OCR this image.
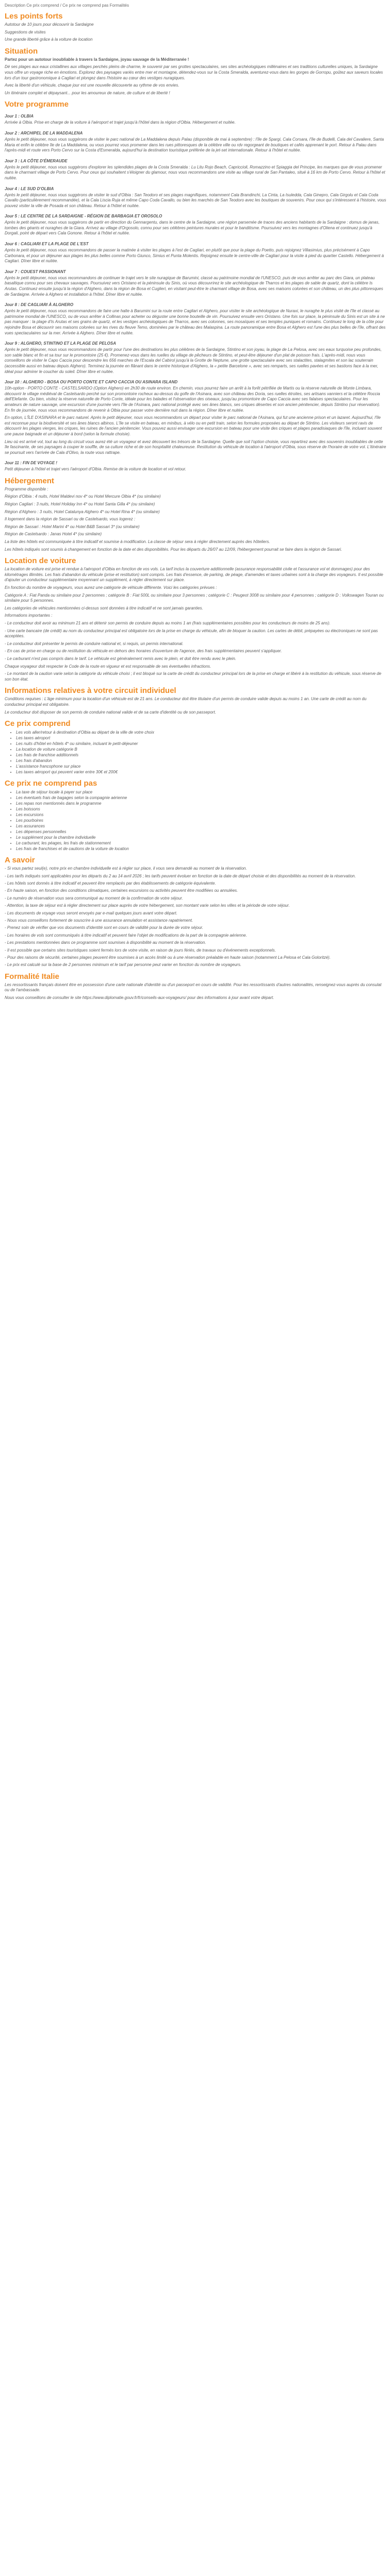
Description Ce prix comprend / Ce prix ne comprend pas Formalités
Les points forts

Autotour de 10 jours pour découvrir la Sardaigne

Suggestions de visites

Une grande liberté grâce à la voiture de location

Situation

Partez pour un autotour inoubliable à travers la Sardaigne, joyau sauvage de la Méditerranée !

Dé ses plages aux eaux cristallines aux villages perchés pleins de charme, le souvenir par ses grottes spectaculaires, ses sites archéologiques millénaires et ses traditions culturelles uniques, la Sardaigne vous offre un voyage riche en émotions. Explorez des paysages variés entre mer et montagne, détendez-vous sur la Costa Smeralda, aventurez-vous dans les gorges de Gorropu, goûtez aux saveurs locales lors d'un tour gastronomique à Cagliari et plongez dans l'histoire au cœur des vestiges nuragiques.

Avec la liberté d'un véhicule, chaque jour est une nouvelle découverte au rythme de vos envies.

Un itinéraire complet et dépaysant... pour les amoureux de nature, de culture et de liberté !

Votre programme
Jour 1 : OLBIA

Arrivée à Olbia. Prise en charge de la voiture à l'aéroport et trajet jusqu'à l'hôtel dans la région d'Olbia. Hébergement et nuitée.

Jour 2 : ARCHIPEL DE LA MADDALENA

Après le petit déjeuner, nous vous suggérons de visiter le parc national de La Maddalena depuis Palau (disponible de mai à septembre) : l'île de Spargi, Cala Corsara, l'île de Budelli, Cala del Cavaliere, Santa Maria et enfin le célèbre île de La Maddalena, ou vous pourrez vous promener dans les rues pittoresques de la célèbre ville ou rdv regorgeant de boutiques et cafés apprenant le port. Retour à Palau dans l'après-midi et route vers Porto Cervo sur la Costa d'Esmeralda, aujourd'hui la destination touristique préférée de la jet-set internationale. Retour à l'hôtel et nuitée.

Jour 3 : LA CÔTE D'ÉMERAUDE

Après le petit déjeuner, nous vous suggérons d'explorer les splendides plages de la Costa Smeralda : Lu Litu Rojo Beach, Capriccioli, Romazzino et Spiaggia del Principe, les marques que de vous promener dans le charmant village de Porto Cervo. Pour ceux qui souhaitent s'éloigner du glamour, nous vous recommandons une visite au village rural de San Pantaleo, situé à 16 km de Porto Cervo. Retour à l'hôtel et nuitée.

Jour 4 : LE SUD D'OLBIA

Après le petit déjeuner, nous vous suggérons de visiter le sud d'Olbia : San Teodoro et ses plages magnifiques, notamment Cala Brandinchi, La Cinta, La Isuledda, Cala Ginepro, Cala Girgolu et Cala Coda Cavallo (particulièrement recommandée), et la Cala Liscia Ruja et même Capo Coda Cavallo, ou bien les marchés de San Teodoro avec les boutiques de souvenirs. Pour ceux qui s'intéressent à l'histoire, vous pouvez visiter la ville de Posada et son château. Retour à l'hôtel et nuitée.

Jour 5 : LE CENTRE DE LA SARDAIGNE - RÉGION DE BARBAGIA ET OROSOLO

Après le petit déjeuner, nous vous suggérons de partir en direction du Gennargentu, dans le centre de la Sardaigne, une région parsemée de traces des anciens habitants de la Sardaigne : domus de janas, tombes des géants et nuraghes de la Giara. Arrivez au village d'Orgosolo, connu pour ses célèbres peintures murales et pour le banditisme. Poursuivez vers les montagnes d'Oliena et continuez jusqu'à Dorgali, point de départ vers Cala Gonone. Retour à l'hôtel et nuitée.

Jour 6 : CAGLIARI ET LA PLAGE DE L'EST

Après le petit déjeuner, nous vous recommandons de passer la matinée à visiter les plages à l'est de Cagliari, en plutôt que pour la plage du Poetto, puis rejoignez Villasimius, plus précisément à Capo Carbonara, et pour un déjeuner aux plages les plus belles comme Porto Giunco, Simius et Punta Molentis. Rejoignez ensuite le centre-ville de Cagliari pour la visite à pied du quartier Castello. Hébergement à Cagliari. Dîner libre et nuitée.

Jour 7 : COUEST PASSIONANT

Après le petit déjeuner, nous vous recommandons de continuer le trajet vers le site nuragique de Barumini, classé au patrimoine mondial de l'UNESCO, puis de vous arrêter au parc des Giara, un plateau basaltique connu pour ses chevaux sauvages. Poursuivez vers Oristano et la péninsule du Sinis, où vous découvrirez le site archéologique de Tharros et les plages de sable de quartz, dont la célèbre Is Arutas. Continuez ensuite jusqu'à la région d'Alghero, dans la région de Bosa et Cuglieri, en visitant peut-être le charmant village de Bosa, avec ses maisons colorées et son château, un des plus pittoresques de Sardaigne. Arrivée à Alghero et installation à l'hôtel. Dîner libre et nuitée.

Jour 8 : DE CAGLIARI À ALGHERO

Après le petit déjeuner, nous vous recommandons de faire une halte à Barumini sur la route entre Cagliari et Alghero, pour visiter le site archéologique de Nuraxi, le nuraghe le plus visité de l'île et classé au patrimoine mondial de l'UNESCO, ou de vous arrêter à Collinas pour acheter ou déguster une bonne bouteille de vin. Poursuivez ensuite vers Oristano. Une fois sur place, la péninsule du Sinis est un site à ne pas manquer : la plage d'Is Arutas et ses grains de quartz, et les vestiges archéologiques de Tharros, avec ses colonnes, ses mosaïques et ses temples puniques et romains. Continuez le long de la côte pour rejoindre Bosa et découvrir ses maisons colorées sur les rives du fleuve Temo, dominées par le château des Malaspina. La route panoramique entre Bosa et Alghero est l'une des plus belles de l'île, offrant des vues spectaculaires sur la mer. Arrivée à Alghero. Dîner libre et nuitée.

Jour 9 : ALGHERO, STINTINO ET LA PLAGE DE PELOSA

Après le petit déjeuner, nous vous recommandons de partir pour l'une des destinations les plus célèbres de la Sardaigne, Stintino et son joyau, la plage de La Pelosa, avec ses eaux turquoise peu profondes, son sable blanc et fin et sa tour sur le promontoire (25 €). Promenez-vous dans les ruelles du village de pêcheurs de Stintino, et peut-être déjeuner d'un plat de poisson frais. L'après-midi, nous vous conseillons de visiter le Capo Caccia pour descendre les 656 marches de l'Escala del Cabirol jusqu'à la Grotte de Neptune, une grotte spectaculaire avec ses stalactites, stalagmites et son lac souterrain (accessible aussi en bateau depuis Alghero). Terminez la journée en flânant dans le centre historique d'Alghero, la « petite Barcelone », avec ses remparts, ses ruelles pavées et ses bastions face à la mer, idéal pour admirer le coucher du soleil. Dîner libre et nuitée.

Jour 10 : ALGHERO - BOSA OU PORTO CONTE ET CAPO CACCIA OU ASINARA ISLAND

10h-option - PORTO CONTE - CASTELSARDO (Option Alghero) en 2h30 de route environ. En chemin, vous pourrez faire un arrêt à la forêt pétrifiée de Martis ou la réserve naturelle de Monte Limbara, découvrir le village médiéval de Castelsardo perché sur son promontoire rocheux au-dessus du golfe de l'Asinara, avec son château des Doria, ses ruelles étroites, ses artisans vanniers et la célèbre Roccia dell'Elefante. Ou bien, visitez la réserve naturelle de Porto Conte, idéale pour les balades et l'observation des oiseaux, jusqu'au promontoire de Capo Caccia avec ses falaises spectaculaires. Pour les amateurs de nature sauvage, une excursion d'une journée vers l'île de l'Asinara, parc national protégé avec ses ânes blancs, ses criques désertes et son ancien pénitencier, depuis Stintino (sur réservation). En fin de journée, nous vous recommandons de revenir à Olbia pour passer votre dernière nuit dans la région. Dîner libre et nuitée.

En option, L'ÎLE D'ASINARA et le parc naturel. Après le petit déjeuner, nous vous recommandons un départ pour visiter le parc national de l'Asinara, qui fut une ancienne prison et un lazaret. Aujourd'hui, l'île est reconnue pour la biodiversité et ses ânes blancs albinos. L'île se visite en bateau, en minibus, à vélo ou en petit train, selon les formules proposées au départ de Stintino. Les visiteurs seront ravis de découvrir les plages vierges, les criques, les ruines de l'ancien pénitencier. Vous pouvez aussi envisager une excursion en bateau pour une visite des criques et plages paradisiaques de l'île, incluant souvent une pause baignade et un déjeuner à bord (selon la formule choisie).

Lieu où est arrivé vol, tout au long du circuit vous aurez été un voyageur et avez découvert les trésors de la Sardaigne. Quelle que soit l'option choisie, vous repartirez avec des souvenirs inoubliables de cette île fascinante, de ses paysages à couper le souffle, de sa culture riche et de son hospitalité chaleureuse. Restitution du véhicule de location à l'aéroport d'Olbia, sous réserve de l'horaire de votre vol. L'itinéraire se poursuit vers l'arrivée de Cala d'Olivo, la route vous rattrape.

Jour 11 : FIN DE VOYAGE !

Petit déjeuner à l'hôtel et trajet vers l'aéroport d'Olbia. Remise de la voiture de location et vol retour.

Hébergement

Programme disponible :

Région d'Olbia : 4 nuits, Hotel Maldevi nov 4* ou Hotel Mercure Olbia 4* (ou similaire)

Région Cagliari : 3 nuits, Hotel Holiday Inn 4* ou Hotel Santa Gilla 4* (ou similaire)

Région d'Alghero : 3 nuits, Hotel Catalunya Alghero 4* ou Hotel Rina 4* (ou similaire)

Il logement dans la région de Sassari ou de Castelsardo, vous logerez :

Région de Sassari : Hotel Marini 4* ou Hotel B&B Sassari 3* (ou similaire)

Région de Castelsardo : Janas Hotel 4* (ou similaire)

La liste des hôtels est communiquée à titre indicatif et soumise à modification. La classe de séjour sera à régler directement auprès des hôteliers.

Les hôtels indiqués sont soumis à changement en fonction de la date et des disponibilités. Pour les départs du 26/07 au 12/09, l'hébergement pourrait se faire dans la région de Sassari.

Location de voiture

La location de voiture est prise et rendue à l'aéroport d'Olbia en fonction de vos vols. La tarif inclus la couverture additionnelle (assurance responsabilité civile et l'assurance vol et dommages) pour des kilométrages illimités. Les frais d'abandon du véhicule (prise et restitution) sont compris. Les frais d'essence, de parking, de péage, d'amendes et taxes urbaines sont à la charge des voyageurs. Il est possible d'ajouter un conducteur supplémentaire moyennant un supplément, à régler directement sur place.

En fonction du nombre de voyageurs, vous aurez une catégorie de véhicule différente. Voici les catégories prévues :

Catégorie A : Fiat Panda ou similaire pour 2 personnes ; catégorie B : Fiat 500L ou similaire pour 3 personnes ; catégorie C : Peugeot 3008 ou similaire pour 4 personnes ; catégorie D : Volkswagen Touran ou similaire pour 5 personnes.

Les catégories de véhicules mentionnées ci-dessus sont données à titre indicatif et ne sont jamais garanties.

Informations importantes :

- Le conducteur doit avoir au minimum 21 ans et détenir son permis de conduire depuis au moins 1 an (frais supplémentaires possibles pour les conducteurs de moins de 25 ans).

- Une carte bancaire (de crédit) au nom du conducteur principal est obligatoire lors de la prise en charge du véhicule, afin de bloquer la caution. Les cartes de débit, prépayées ou électroniques ne sont pas acceptées.

- Le conducteur doit présenter le permis de conduire national et, si requis, un permis international.

- En cas de prise en charge ou de restitution du véhicule en dehors des horaires d'ouverture de l'agence, des frais supplémentaires peuvent s'appliquer.

- Le carburant n'est pas compris dans le tarif. Le véhicule est généralement remis avec le plein, et doit être rendu avec le plein.

Chaque voyageur doit respecter le Code de la route en vigueur et est responsable de ses éventuelles infractions.

- Le montant de la caution varie selon la catégorie du véhicule choisi ; il est bloqué sur la carte de crédit du conducteur principal lors de la prise en charge et libéré à la restitution du véhicule, sous réserve de son bon état.

Informations relatives à votre circuit individuel

Conditions requises : L'âge minimum pour la location d'un véhicule est de 21 ans. Le conducteur doit être titulaire d'un permis de conduire valide depuis au moins 1 an. Une carte de crédit au nom du conducteur principal est obligatoire.

Le conducteur doit disposer de son permis de conduire national valide et de sa carte d'identité ou de son passeport.

Ce prix comprend
• Les vols aller/retour à destination d'Olbia au départ de la ville de votre choix
• Les taxes aéroport
• Les nuits d'hôtel en hôtels 4* ou similaire, incluant le petit-déjeuner
• La location de voiture catégorie B
• Les frais de franchise additionnels
• Les frais d'abandon
• L'assistance francophone sur place
• Les taxes aéroport qui peuvent varier entre 30€ et 200€
Ce prix ne comprend pas
• La taxe de séjour locale à payer sur place
• Les éventuels frais de bagages selon la compagnie aérienne
• Les repas non mentionnés dans le programme
• Les boissons
• Les excursions
• Les pourboires
• Les assurances
• Les dépenses personnelles
• Le supplément pour la chambre individuelle
• Le carburant, les péages, les frais de stationnement
• Les frais de franchises et de cautions de la voiture de location
A savoir

- Si vous partez seul(e), notre prix en chambre individuelle est à régler sur place, il vous sera demandé au moment de la réservation.

- Les tarifs indiqués sont applicables pour les départs du 2 au 14 avril 2026 ; les tarifs peuvent évoluer en fonction de la date de départ choisie et des disponibilités au moment de la réservation.

- Les hôtels sont donnés à titre indicatif et peuvent être remplacés par des établissements de catégorie équivalente.

- En haute saison, en fonction des conditions climatiques, certaines excursions ou activités peuvent être modifiées ou annulées.

- Le numéro de réservation vous sera communiqué au moment de la confirmation de votre séjour.

- Attention, la taxe de séjour est à régler directement sur place auprès de votre hébergement, son montant varie selon les villes et la période de votre séjour.

- Les documents de voyage vous seront envoyés par e-mail quelques jours avant votre départ.

- Nous vous conseillons fortement de souscrire à une assurance annulation et assistance rapatriement.

- Prenez soin de vérifier que vos documents d'identité sont en cours de validité pour la durée de votre séjour.

- Les horaires de vols sont communiqués à titre indicatif et peuvent faire l'objet de modifications de la part de la compagnie aérienne.

- Les prestations mentionnées dans ce programme sont soumises à disponibilité au moment de la réservation.

- Il est possible que certains sites touristiques soient fermés lors de votre visite, en raison de jours fériés, de travaux ou d'événements exceptionnels.

- Pour des raisons de sécurité, certaines plages peuvent être soumises à un accès limité ou à une réservation préalable en haute saison (notamment La Pelosa et Cala Goloritzé).

- Le prix est calculé sur la base de 2 personnes minimum et le tarif par personne peut varier en fonction du nombre de voyageurs.

Formalité Italie

Les ressortissants français doivent être en possession d'une carte nationale d'identité ou d'un passeport en cours de validité. Pour les ressortissants d'autres nationalités, renseignez-vous auprès du consulat ou de l'ambassade.

Nous vous conseillons de consulter le site https://www.diplomatie.gouv.fr/fr/conseils-aux-voyageurs/ pour des informations à jour avant votre départ.
